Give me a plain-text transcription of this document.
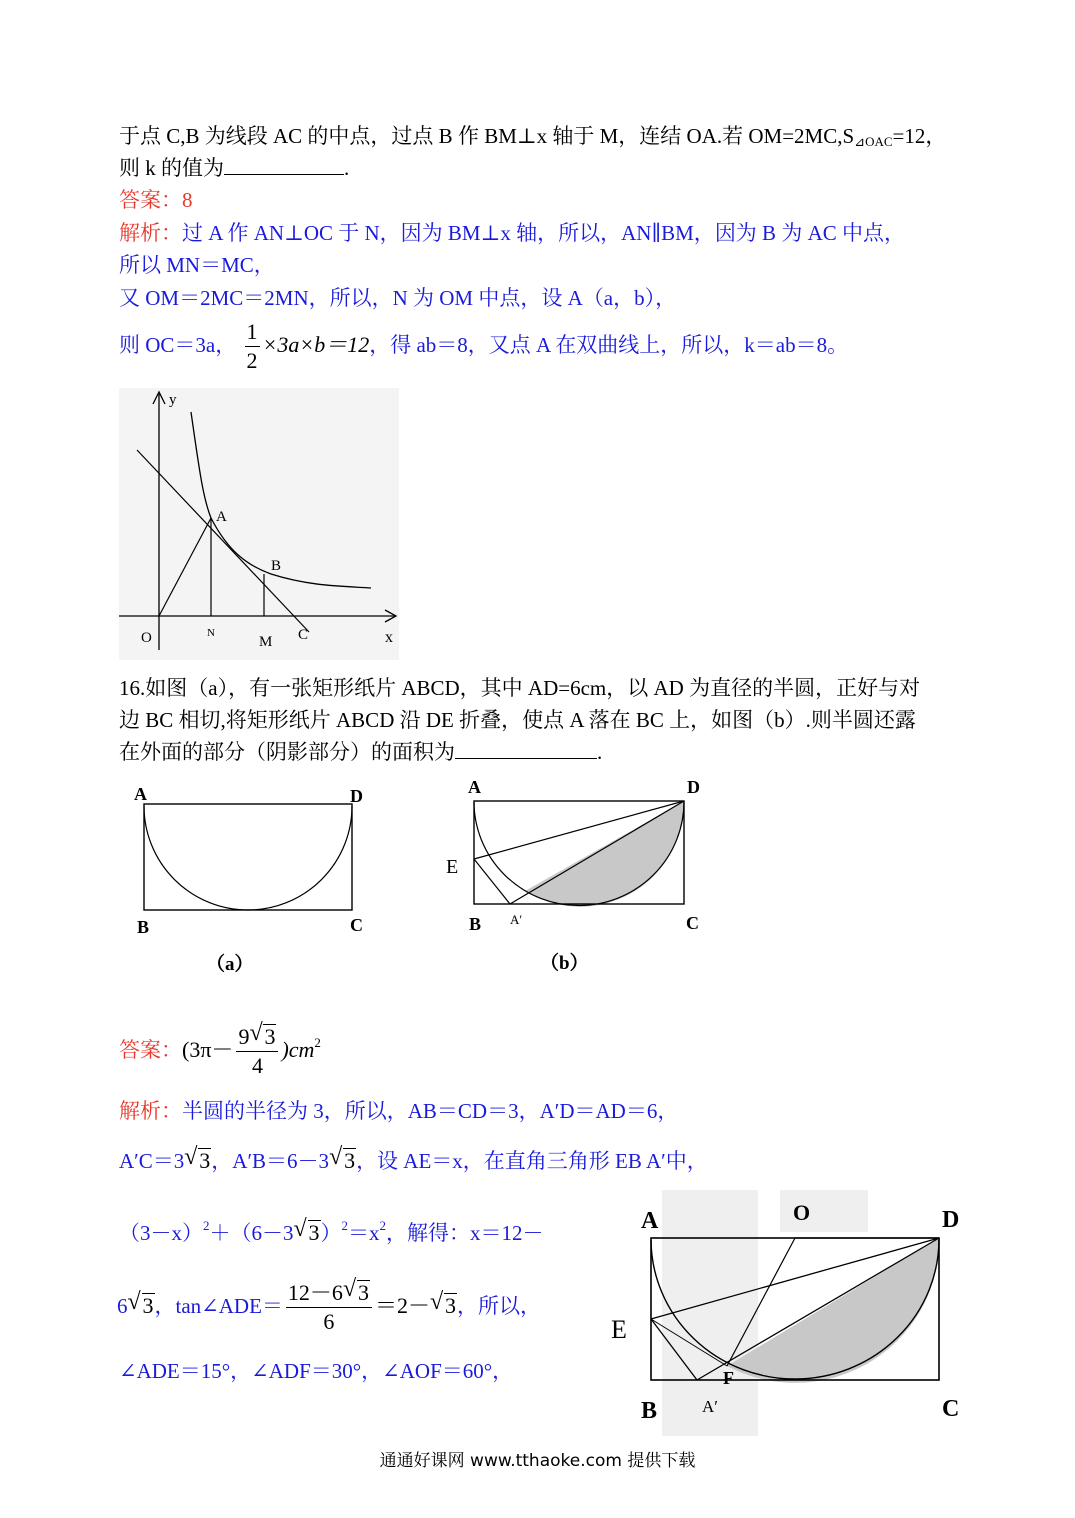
于点 C,B 为线段 AC 的中点，过点 B 作 BM⊥x 轴于 M，连结 OA.若 $OM=2MC,S_{⊿OAC}=12$，
则 k 的值为	.
答案：8
解析：过 A 作 AN⊥OC 于 N，因为 BM⊥x 轴，所以，AN∥BM，因为 B 为 AC 中点，
所以 MN＝MC，
又 OM＝2MC＝2MN，所以，N 为 OM 中点，设 A（a，b），
则 OC＝3a， $\frac{1}{2} \times 3a\times b=12$，得 ab＝8，又点 A 在双曲线上，所以，k＝ab＝8。
y
x
O	N
M C
A
B
16.如图（a），有一张矩形纸片 ABCD，其中 AD=6cm，以 AD 为直径的半圆，正好与对
边 BC 相切,将矩形纸片 ABCD 沿 DE 折叠，使点 A 落在 BC 上，如图（b）.则半圆还露
在外面的部分（阴影部分）的面积为	.
A	D
B	C
（a）
A	D
E
B A′	C
（b）
答案：$(3\pi- \frac{9√ 3}{4} )cm^2$
解析：半圆的半径为 3，所以，AB＝CD＝3，A′D＝AD＝6，
A′C＝3√ 3，A′B＝6－3√ 3，设 AE＝x，在直角三角形 EB A′中，
$(3-x)^2+(6-3√$ $3)^2=x^2$，解得：x＝12－
6√ 3，tan∠ADE＝ $\frac{12-6√ 3}{6} =2-√$ 3，所以，
∠ADE＝15°，∠ADF＝30°，∠AOF＝60°，
A	O	D
E
B	A′
F
C
通通好课网 www.tthaoke.com 提供下载
